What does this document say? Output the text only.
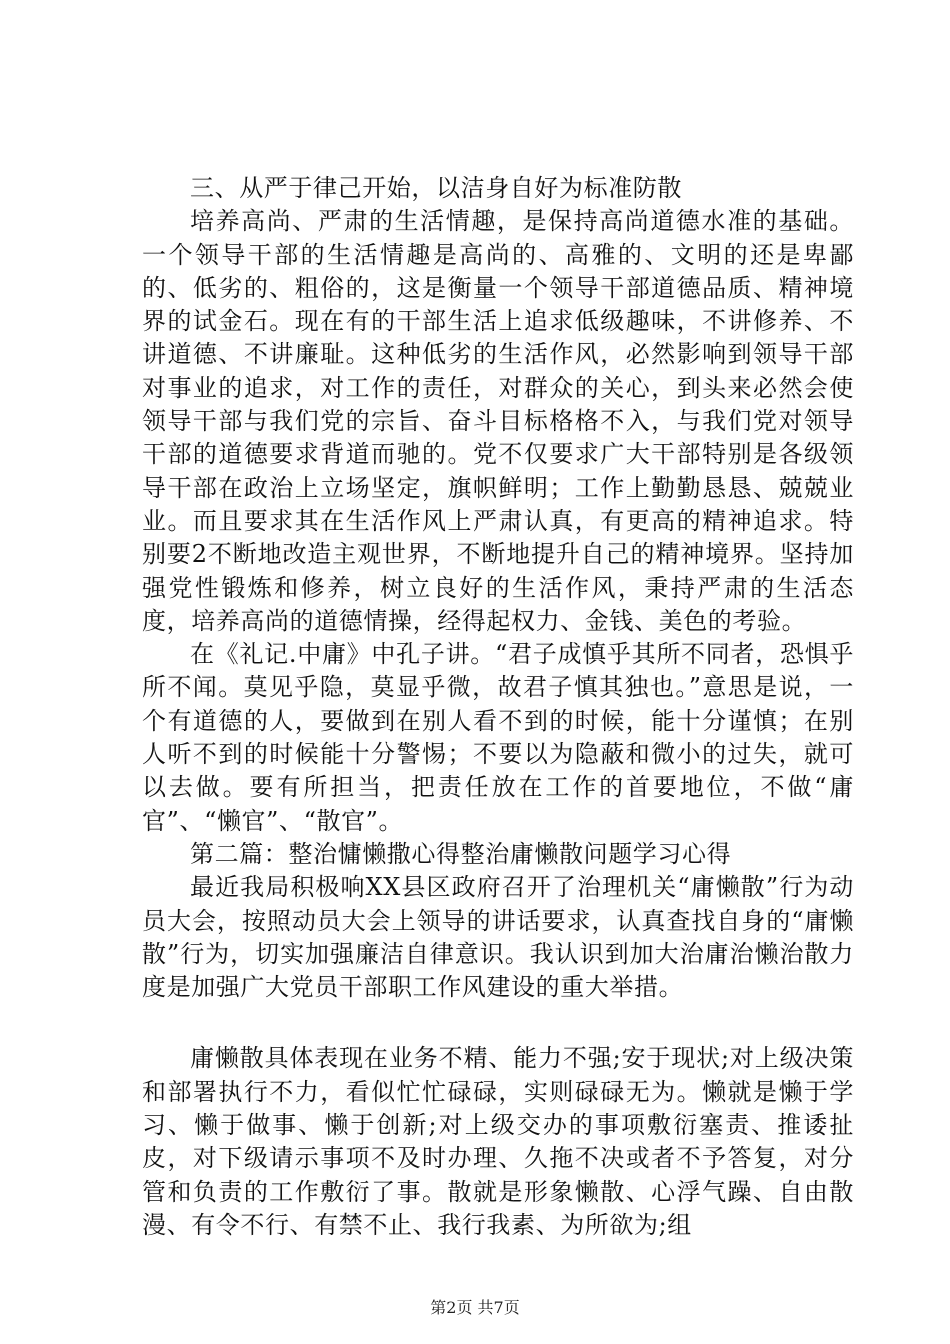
三、从严于律己开始，以洁身自好为标准防散

培养高尚、严肃的生活情趣，是保持高尚道德水准的基础。一个领导干部的生活情趣是高尚的、高雅的、文明的还是卑鄙的、低劣的、粗俗的，这是衡量一个领导干部道德品质、精神境界的试金石。现在有的干部生活上追求低级趣味，不讲修养、不讲道德、不讲廉耻。这种低劣的生活作风，必然影响到领导干部对事业的追求，对工作的责任，对群众的关心，到头来必然会使领导干部与我们党的宗旨、奋斗目标格格不入，与我们党对领导干部的道德要求背道而驰的。党不仅要求广大干部特别是各级领导干部在政治上立场坚定，旗帜鲜明；工作上勤勤恳恳、兢兢业业。而且要求其在生活作风上严肃认真，有更高的精神追求。特别要2不断地改造主观世界，不断地提升自己的精神境界。坚持加强党性锻炼和修养，树立良好的生活作风，秉持严肃的生活态度，培养高尚的道德情操，经得起权力、金钱、美色的考验。

在《礼记.中庸》中孔子讲。“君子成慎乎其所不同者，恐惧乎所不闻。莫见乎隐，莫显乎微，故君子慎其独也。”意思是说，一个有道德的人，要做到在别人看不到的时候，能十分谨慎；在别人听不到的时候能十分警惕；不要以为隐蔽和微小的过失，就可以去做。要有所担当，把责任放在工作的首要地位，不做“庸官”、“懒官”、“散官”。

第二篇：整治慵懒撒心得整治庸懒散问题学习心得

最近我局积极响XX县区政府召开了治理机关“庸懒散”行为动员大会，按照动员大会上领导的讲话要求，认真查找自身的“庸懒散”行为，切实加强廉洁自律意识。我认识到加大治庸治懒治散力度是加强广大党员干部职工作风建设的重大举措。

庸懒散具体表现在业务不精、能力不强;安于现状;对上级决策和部署执行不力，看似忙忙碌碌，实则碌碌无为。懒就是懒于学习、懒于做事、懒于创新;对上级交办的事项敷衍塞责、推诿扯皮，对下级请示事项不及时办理、久拖不决或者不予答复，对分管和负责的工作敷衍了事。散就是形象懒散、心浮气躁、自由散漫、有令不行、有禁不止、我行我素、为所欲为;组

第2页 共7页
